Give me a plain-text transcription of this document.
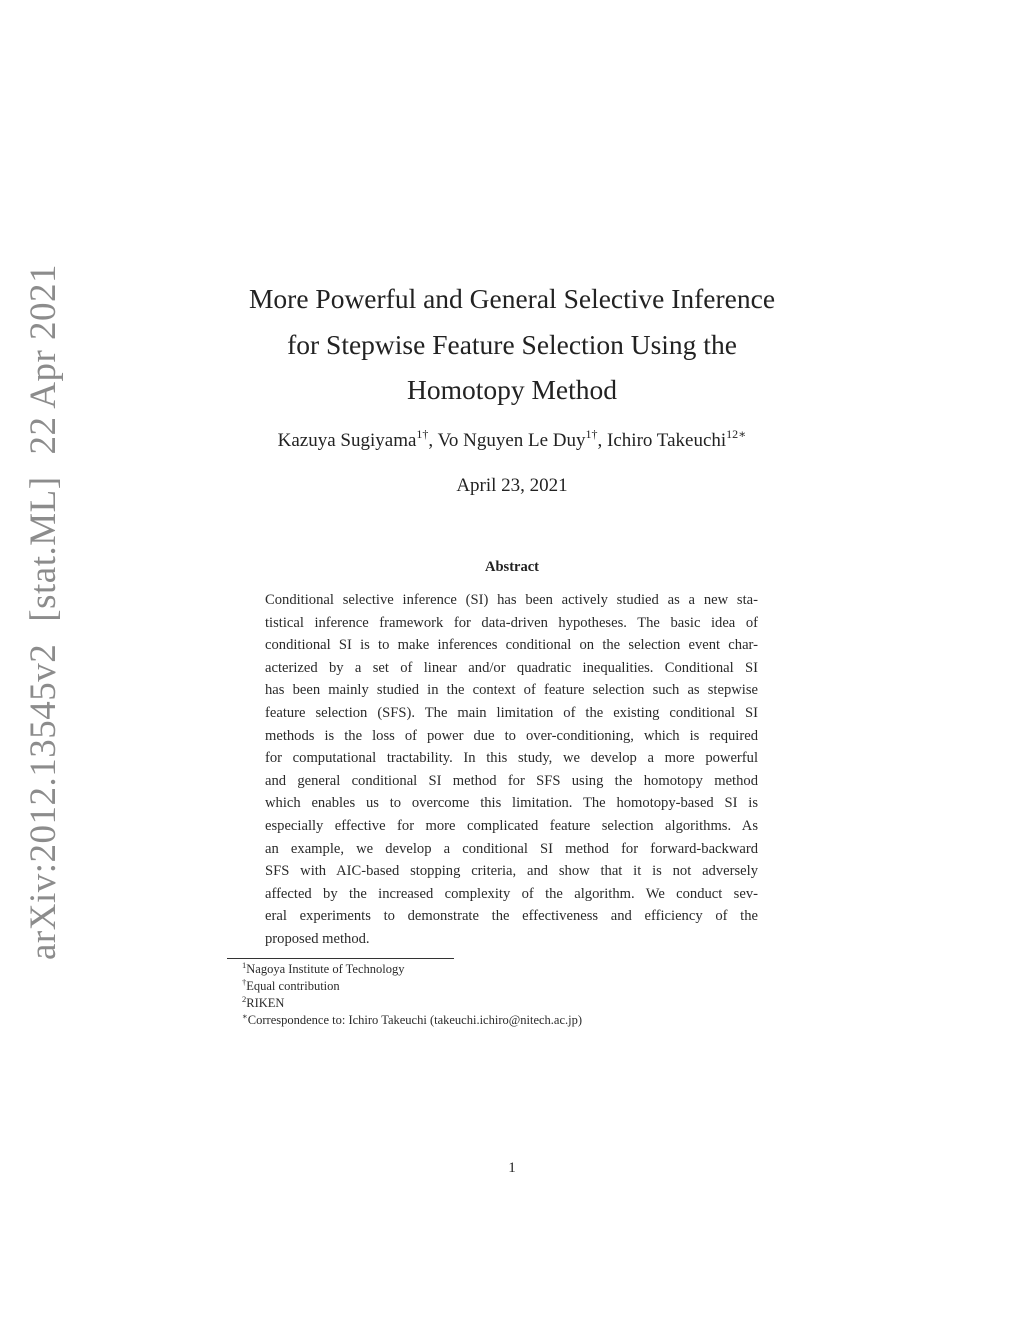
arXiv:2012.13545v2[stat.ML]22 Apr 2021	More Powerful and General Selective Inference
for Stepwise Feature Selection Using the
Homotopy Method
Kazuya Sugiyama$^{1\dagger}$, Vo Nguyen Le Duy$^{1\dagger}$, Ichiro Takeuchi$^{12∗}$
April 23, 2021
Abstract
Conditional selective inference (SI) has been actively studied as a new sta-
tistical inference framework for data-driven hypotheses. The basic idea of
conditional SI is to make inferences conditional on the selection event char-
acterized by a set of linear and/or quadratic inequalities. Conditional SI
has been mainly studied in the context of feature selection such as stepwise
feature selection (SFS). The main limitation of the existing conditional SI
methods is the loss of power due to over-conditioning, which is required
for computational tractability. In this study, we develop a more powerful
and general conditional SI method for SFS using the homotopy method
which enables us to overcome this limitation. The homotopy-based SI is
especially effective for more complicated feature selection algorithms. As
an example, we develop a conditional SI method for forward-backward
SFS with AIC-based stopping criteria, and show that it is not adversely
affected by the increased complexity of the algorithm. We conduct sev-
eral experiments to demonstrate the effectiveness and efficiency of the
proposed method.
$^1$Nagoya Institute of Technology
†Equal contribution
$^2$RIKEN
∗Correspondence to: Ichiro Takeuchi (takeuchi.ichiro@nitech.ac.jp)
1
